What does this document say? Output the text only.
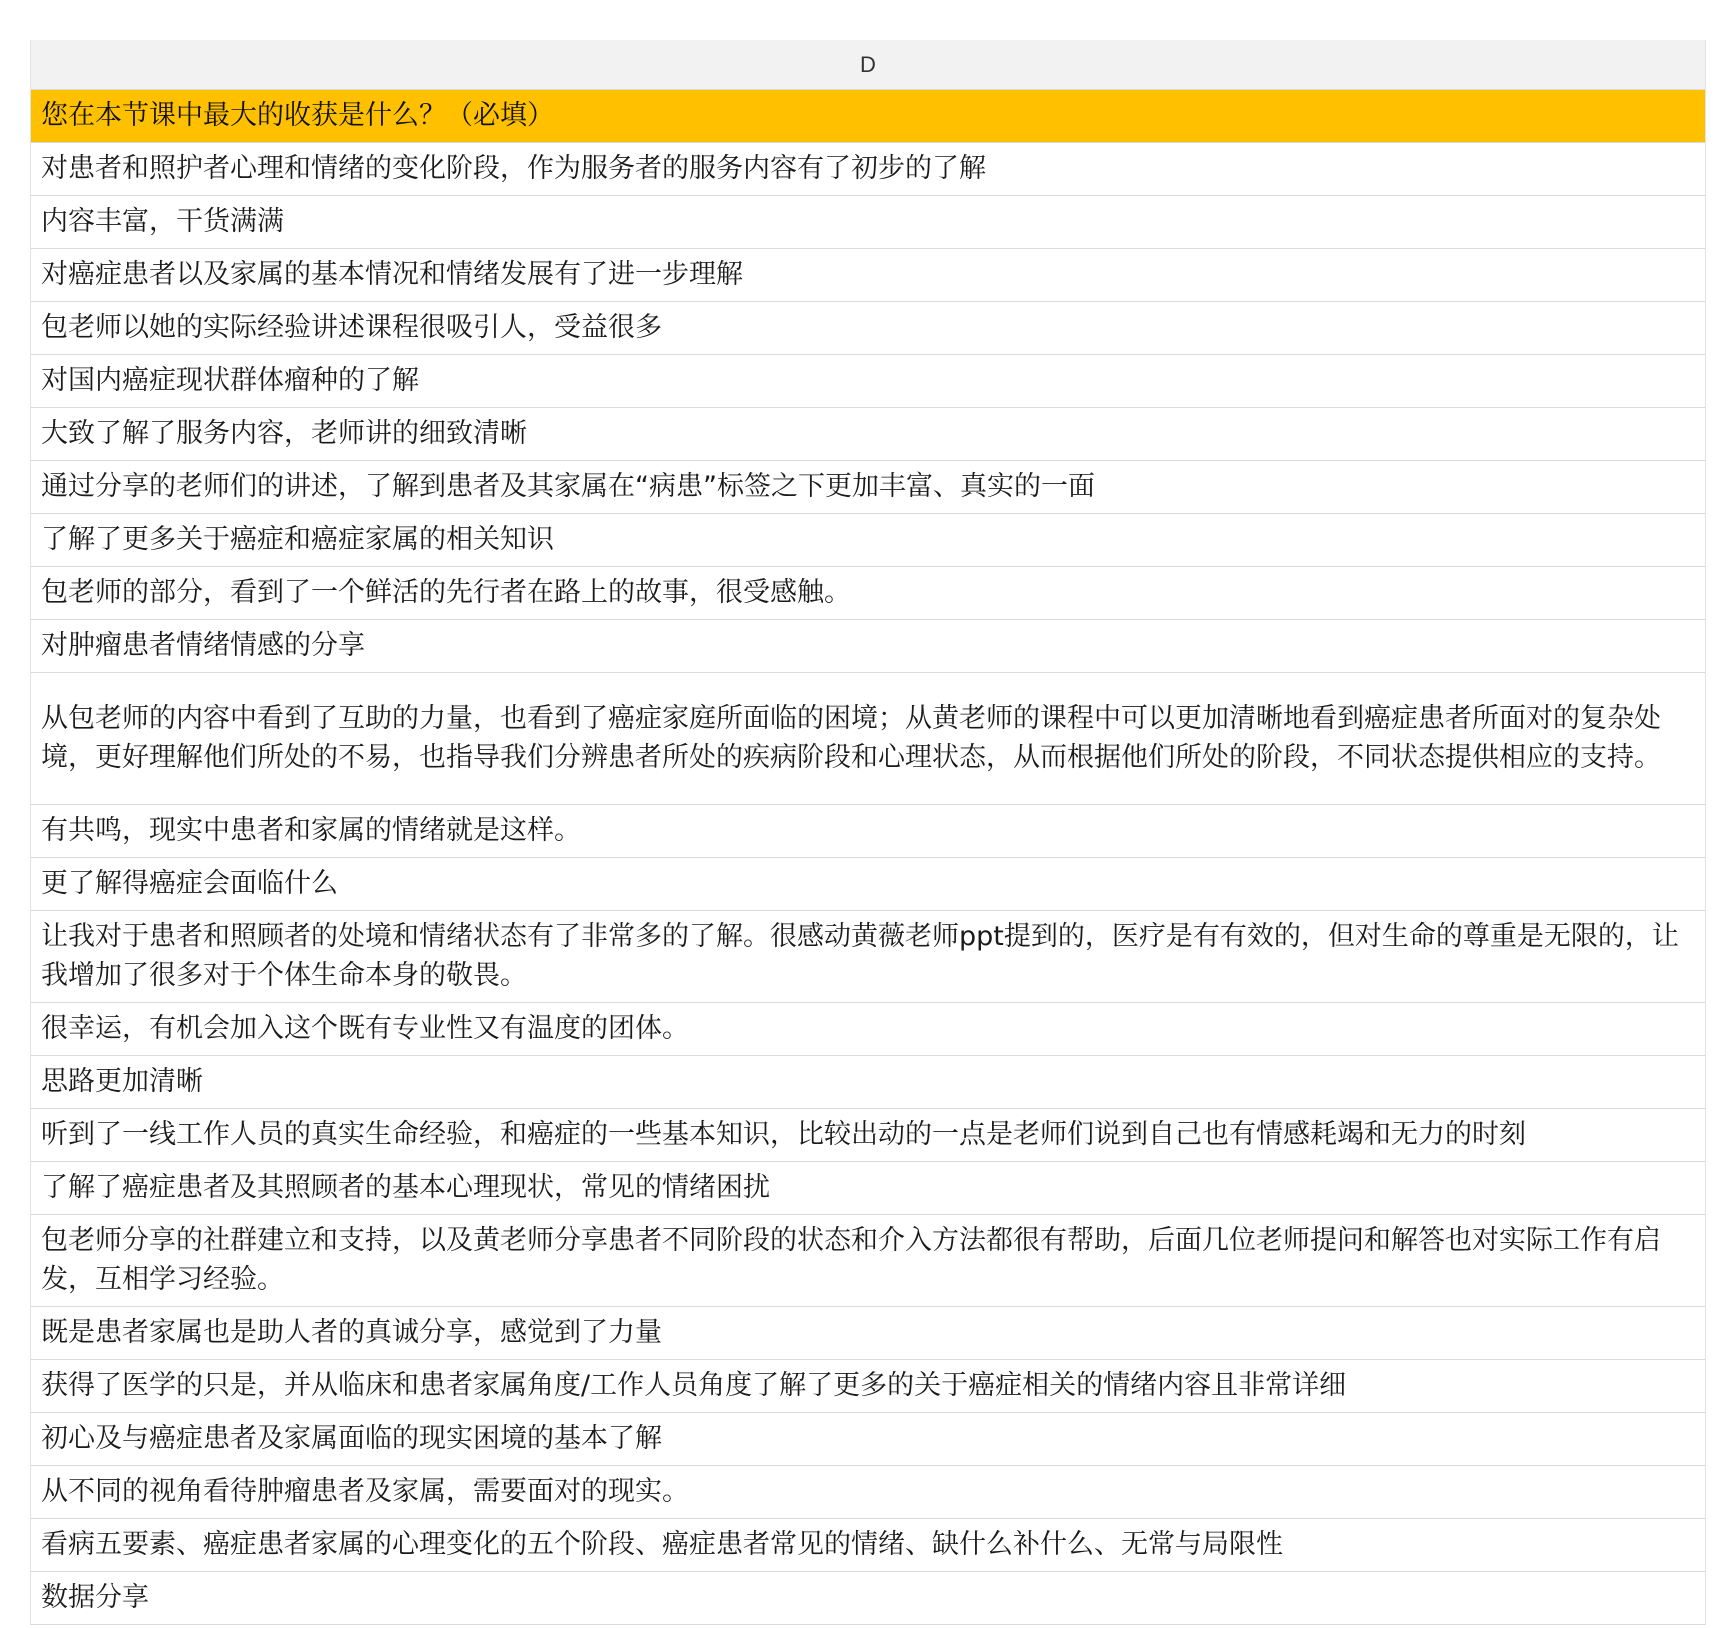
D
您在本节课中最大的收获是什么？（必填）
对患者和照护者心理和情绪的变化阶段，作为服务者的服务内容有了初步的了解
内容丰富，干货满满
对癌症患者以及家属的基本情况和情绪发展有了进一步理解
包老师以她的实际经验讲述课程很吸引人，受益很多
对国内癌症现状群体瘤种的了解
大致了解了服务内容，老师讲的细致清晰
通过分享的老师们的讲述，了解到患者及其家属在“病患”标签之下更加丰富、真实的一面
了解了更多关于癌症和癌症家属的相关知识
包老师的部分，看到了一个鲜活的先行者在路上的故事，很受感触。
对肿瘤患者情绪情感的分享
从包老师的内容中看到了互助的力量，也看到了癌症家庭所面临的困境；从黄老师的课程中可以更加清晰地看到癌症患者所面对的复杂处境，更好理解他们所处的不易，也指导我们分辨患者所处的疾病阶段和心理状态，从而根据他们所处的阶段，不同状态提供相应的支持。
有共鸣，现实中患者和家属的情绪就是这样。
更了解得癌症会面临什么
让我对于患者和照顾者的处境和情绪状态有了非常多的了解。很感动黄薇老师ppt提到的，医疗是有有效的，但对生命的尊重是无限的，让我增加了很多对于个体生命本身的敬畏。
很幸运，有机会加入这个既有专业性又有温度的团体。
思路更加清晰
听到了一线工作人员的真实生命经验，和癌症的一些基本知识，比较出动的一点是老师们说到自己也有情感耗竭和无力的时刻
了解了癌症患者及其照顾者的基本心理现状，常见的情绪困扰
包老师分享的社群建立和支持，以及黄老师分享患者不同阶段的状态和介入方法都很有帮助，后面几位老师提问和解答也对实际工作有启发，互相学习经验。
既是患者家属也是助人者的真诚分享，感觉到了力量
获得了医学的只是，并从临床和患者家属角度/工作人员角度了解了更多的关于癌症相关的情绪内容且非常详细
初心及与癌症患者及家属面临的现实困境的基本了解
从不同的视角看待肿瘤患者及家属，需要面对的现实。
看病五要素、癌症患者家属的心理变化的五个阶段、癌症患者常见的情绪、缺什么补什么、无常与局限性
数据分享
